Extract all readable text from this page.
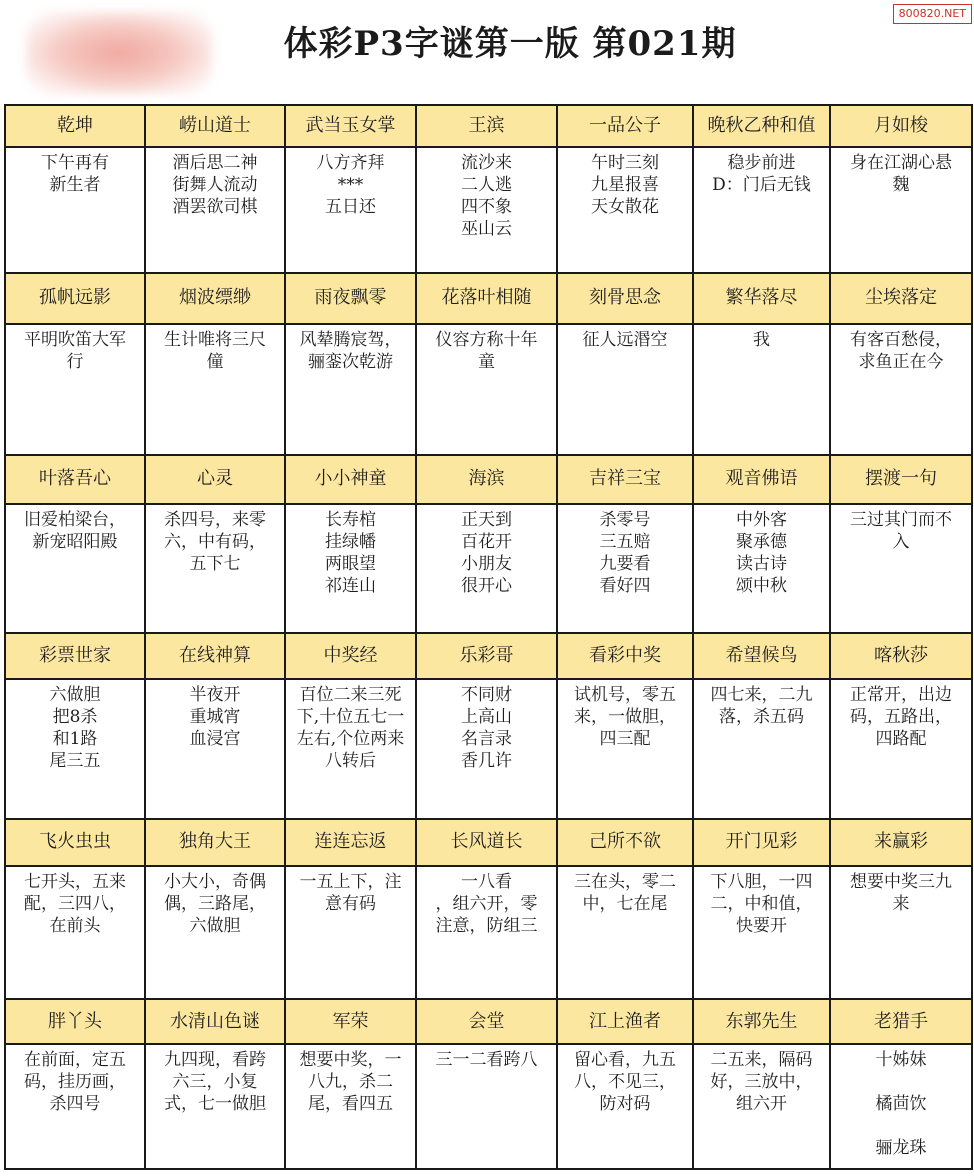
体彩P3字谜第一版 第021期
800820.NET
乾坤	崂山道士	武当玉女掌	王滨	一品公子	晚秋乙种和值	月如梭

下午再有
新生者	酒后思二神
街舞人流动
酒罢欲司棋	八方齐拜
***
五日还	流沙来
二人逃
四不象
巫山云	午时三刻
九星报喜
天女散花	稳步前进
D：门后无钱	身在江湖心悬
魏

孤帆远影	烟波缥缈	雨夜飘零	花落叶相随	刻骨思念	繁华落尽	尘埃落定

平明吹笛大军
行	生计唯将三尺
僮	风辇腾宸驾，
骊銮次乾游	仪容方称十年
童	征人远湣空	我	有客百愁侵，
求鱼正在今

叶落吾心	心灵	小小神童	海滨	吉祥三宝	观音佛语	摆渡一句

旧爱柏梁台，
新宠昭阳殿	杀四号，来零
六，中有码，
五下七	长寿棺
挂绿幡
两眼望
祁连山	正天到
百花开
小朋友
很开心	杀零号
三五赔
九要看
看好四	中外客
聚承德
读古诗
颂中秋	三过其门而不
入

彩票世家	在线神算	中奖经	乐彩哥	看彩中奖	希望候鸟	喀秋莎

六做胆
把8杀
和1路
尾三五	半夜开
重城宵
血浸宫	百位二来三死
下,十位五七一
左右,个位两来
八转后	不同财
上高山
名言录
香几许	试机号，零五
来，一做胆，
四三配	四七来，二九
落，杀五码	正常开，出边
码，五路出，
四路配

飞火虫虫	独角大王	连连忘返	长风道长	己所不欲	开门见彩	来赢彩

七开头，五来
配，三四八，
在前头	小大小，奇偶
偶，三路尾，
六做胆	一五上下，注
意有码	一八看
，组六开，零
注意，防组三	三在头，零二
中，七在尾	下八胆，一四
二，中和值，
快要开	想要中奖三九
来

胖丫头	水清山色谜	军荣	会堂	江上渔者	东郭先生	老猎手

在前面，定五
码，挂历画，
杀四号	九四现，看跨
六三，小复
式，七一做胆	想要中奖，一
八九，杀二
尾，看四五	三一二看跨八	留心看，九五
八，不见三，
防对码	二五来，隔码
好，三放中，
组六开	十姊妹

橘茴饮

骊龙珠
